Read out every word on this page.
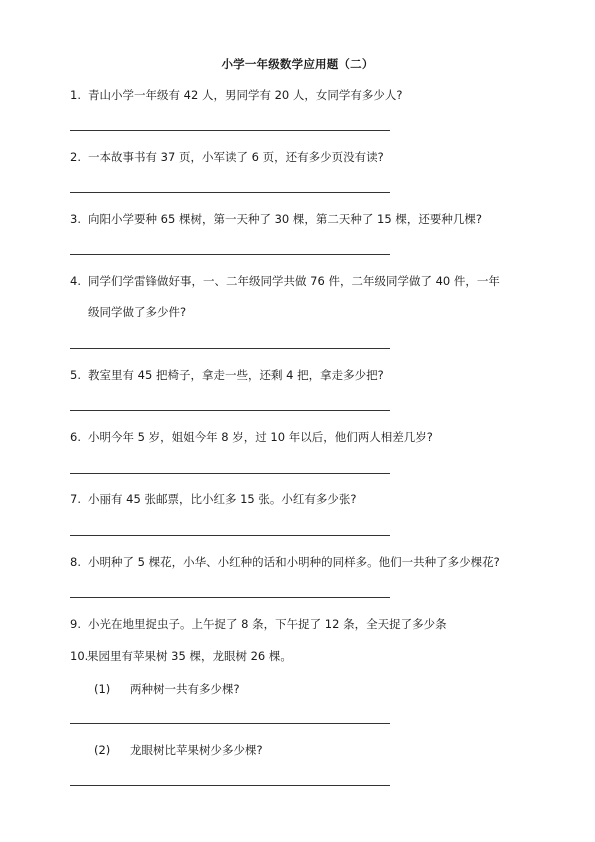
小学一年级数学应用题（二）
1. 青山小学一年级有 42 人，男同学有 20 人，女同学有多少人?
2. 一本故事书有 37 页，小军读了 6 页，还有多少页没有读?
3. 向阳小学要种 65 棵树，第一天种了 30 棵，第二天种了 15 棵，还要种几棵?
4. 同学们学雷锋做好事，一、二年级同学共做 76 件，二年级同学做了 40 件，一年
级同学做了多少件?
5. 教室里有 45 把椅子，拿走一些，还剩 4 把，拿走多少把?
6. 小明今年 5 岁，姐姐今年 8 岁，过 10 年以后，他们两人相差几岁?
7. 小丽有 45 张邮票，比小红多 15 张。小红有多少张?
8. 小明种了 5 棵花，小华、小红种的话和小明种的同样多。他们一共种了多少棵花?
9. 小光在地里捉虫子。上午捉了 8 条，下午捉了 12 条，全天捉了多少条
10.果园里有苹果树 35 棵，龙眼树 26 棵。
(1) 两种树一共有多少棵?
(2) 龙眼树比苹果树少多少棵?
